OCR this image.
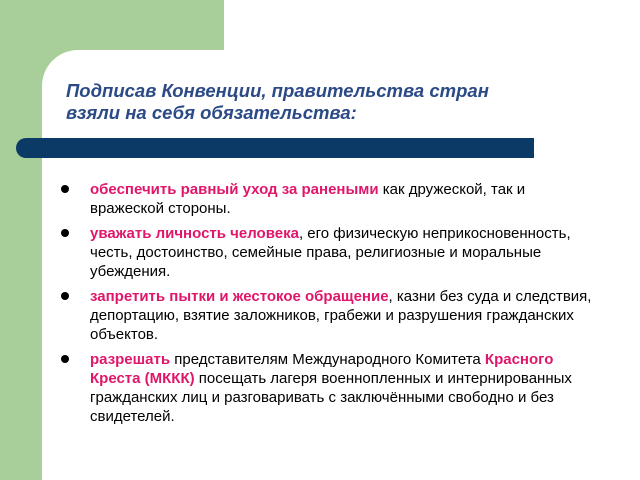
Подписав Конвенции, правительства стран
взяли на себя обязательства:
обеспечить равный уход за ранеными как дружеской, так и вражеской стороны.
уважать личность человека, его физическую неприкосновенность, честь, достоинство, семейные права, религиозные и моральные убеждения.
запретить пытки и жестокое обращение, казни без суда и следствия, депортацию, взятие заложников, грабежи и разрушения гражданских объектов.
разрешать представителям Международного Комитета Красного Креста (МККК) посещать лагеря военнопленных и интернированных гражданских лиц и разговаривать с заключёнными свободно и без свидетелей.
